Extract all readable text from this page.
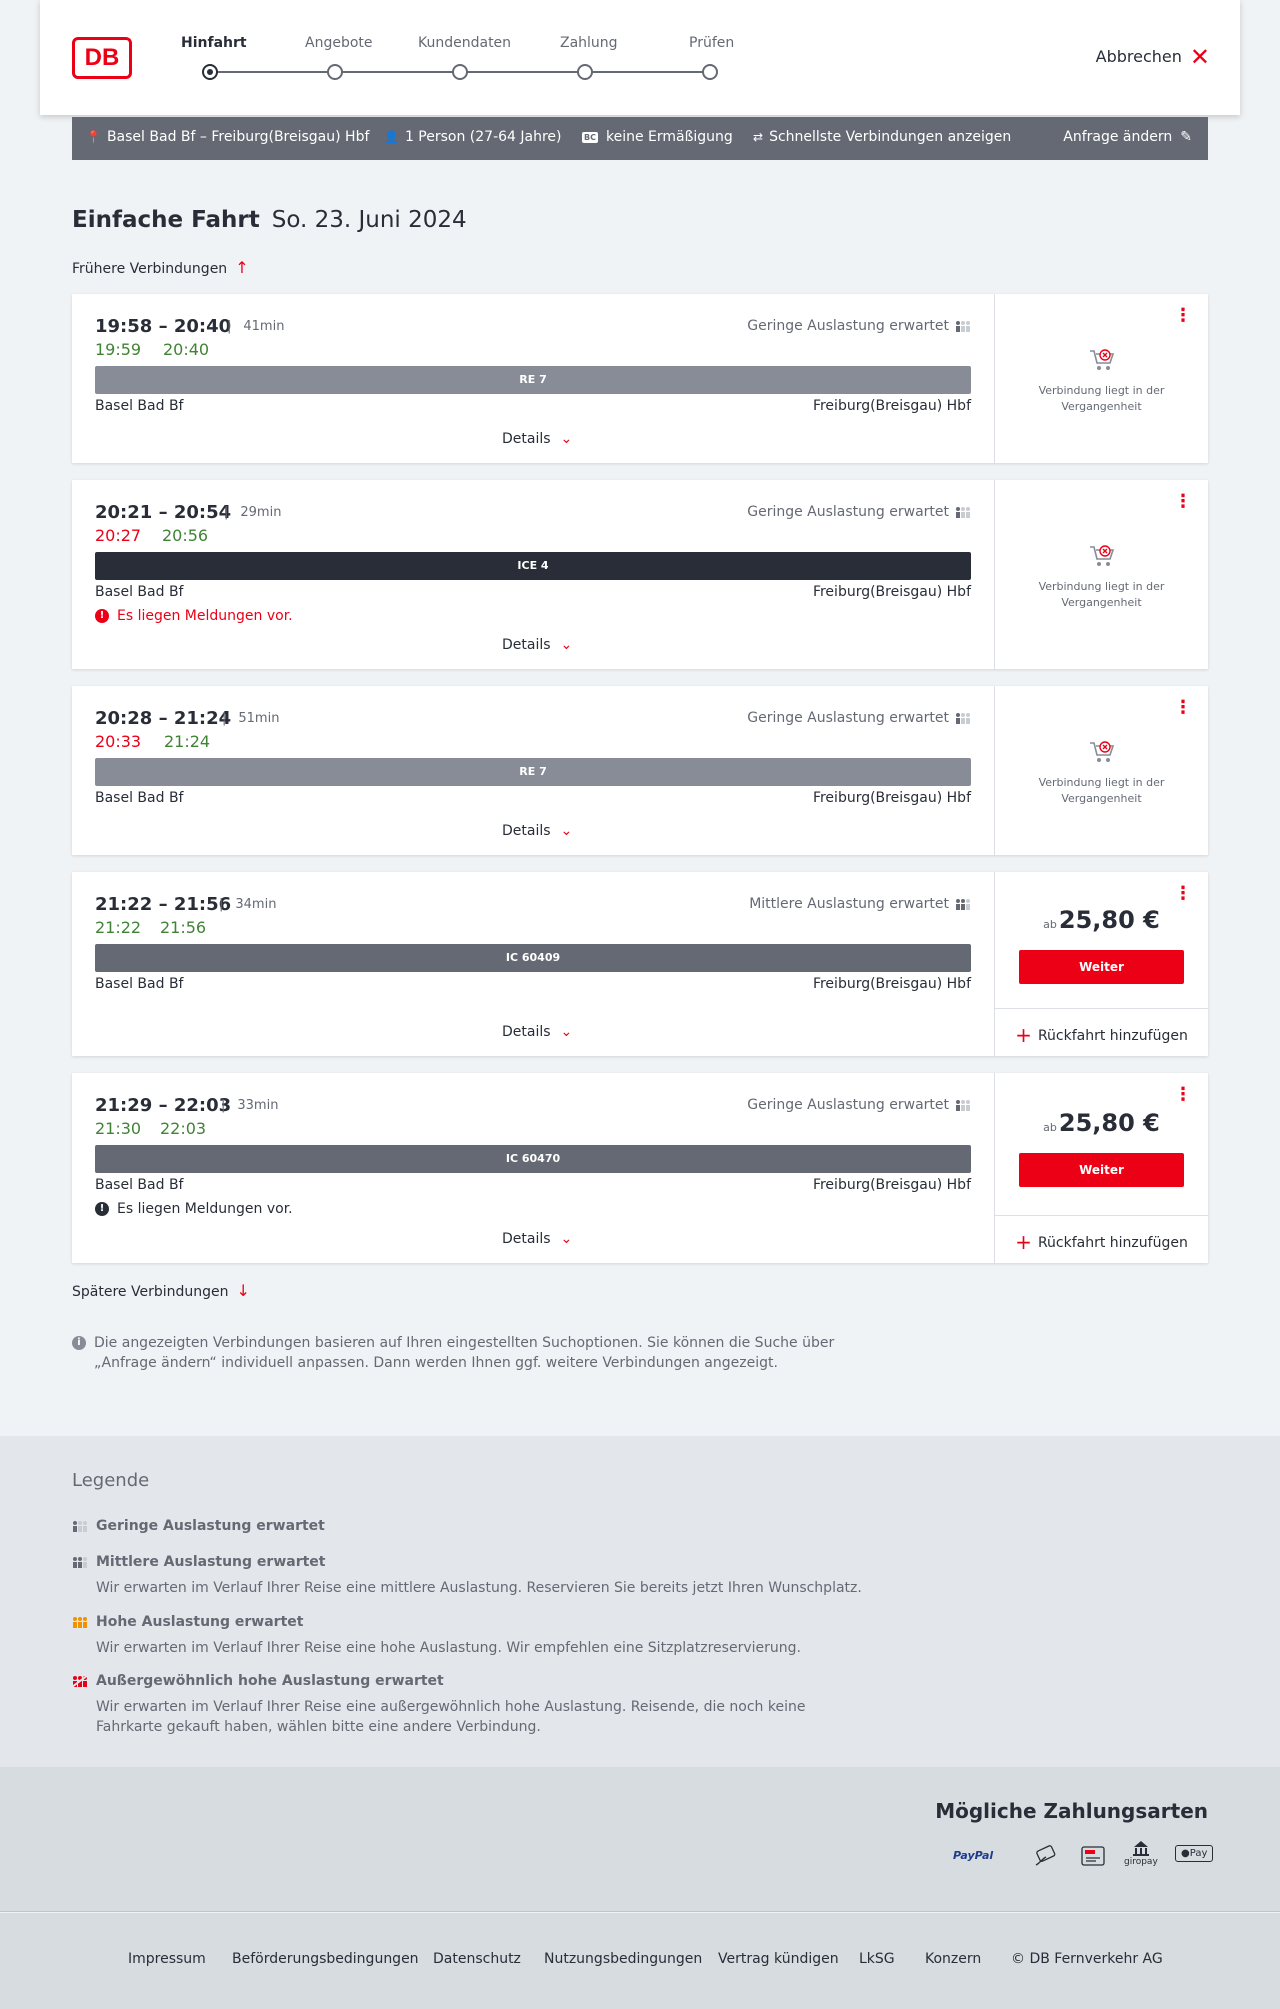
DB
Hinfahrt	Angebote	Kundendaten	Zahlung	Prüfen
Abbrechen ✕
📍 Basel Bad Bf – Freiburg(Breisgau) Hbf 👤 1 Person (27-64 Jahre)	BC keine Ermäßigung ⇄ Schnellste Verbindungen anzeigen	Anfrage ändern ✎
Einfache Fahrt So. 23. Juni 2024
Frühere Verbindungen ↑
19:58 – 20:40 | 41min
19:59 20:40
Geringe Auslastung erwartet
RE 7
Basel Bad Bf	Freiburg(Breisgau) Hbf
Details ⌄
⋮
Verbindung liegt in der Vergangenheit
20:21 – 20:54 | 29min
20:27 20:56
Geringe Auslastung erwartet
ICE 4
Basel Bad Bf	Freiburg(Breisgau) Hbf
! Es liegen Meldungen vor.
Details ⌄
⋮
Verbindung liegt in der Vergangenheit
20:28 – 21:24 | 51min
20:33 21:24
Geringe Auslastung erwartet
RE 7
Basel Bad Bf	Freiburg(Breisgau) Hbf
Details ⌄
⋮
Verbindung liegt in der Vergangenheit
21:22 – 21:56 | 34min
21:22 21:56
Mittlere Auslastung erwartet
IC 60409
Basel Bad Bf	Freiburg(Breisgau) Hbf
Details ⌄
⋮
ab25,80 €
Weiter
+ Rückfahrt hinzufügen
21:29 – 22:03 | 33min
21:30 22:03
Geringe Auslastung erwartet
IC 60470
Basel Bad Bf	Freiburg(Breisgau) Hbf
! Es liegen Meldungen vor.
Details ⌄
⋮
ab25,80 €
Weiter
+ Rückfahrt hinzufügen
Spätere Verbindungen ↓
i Die angezeigten Verbindungen basieren auf Ihren eingestellten Suchoptionen. Sie können die Suche über „Anfrage ändern“ individuell anpassen. Dann werden Ihnen ggf. weitere Verbindungen angezeigt.
Legende
Geringe Auslastung erwartet
Mittlere Auslastung erwartet
Wir erwarten im Verlauf Ihrer Reise eine mittlere Auslastung. Reservieren Sie bereits jetzt Ihren Wunschplatz.
Hohe Auslastung erwartet
Wir erwarten im Verlauf Ihrer Reise eine hohe Auslastung. Wir empfehlen eine Sitzplatzreservierung.
Außergewöhnlich hohe Auslastung erwartet
Wir erwarten im Verlauf Ihrer Reise eine außergewöhnlich hohe Auslastung. Reisende, die noch keine Fahrkarte gekauft haben, wählen bitte eine andere Verbindung.
Mögliche Zahlungsarten
PayPal	giropay
●Pay
Impressum Beförderungsbedingungen Datenschutz Nutzungsbedingungen Vertrag kündigen LkSG Konzern © DB Fernverkehr AG
